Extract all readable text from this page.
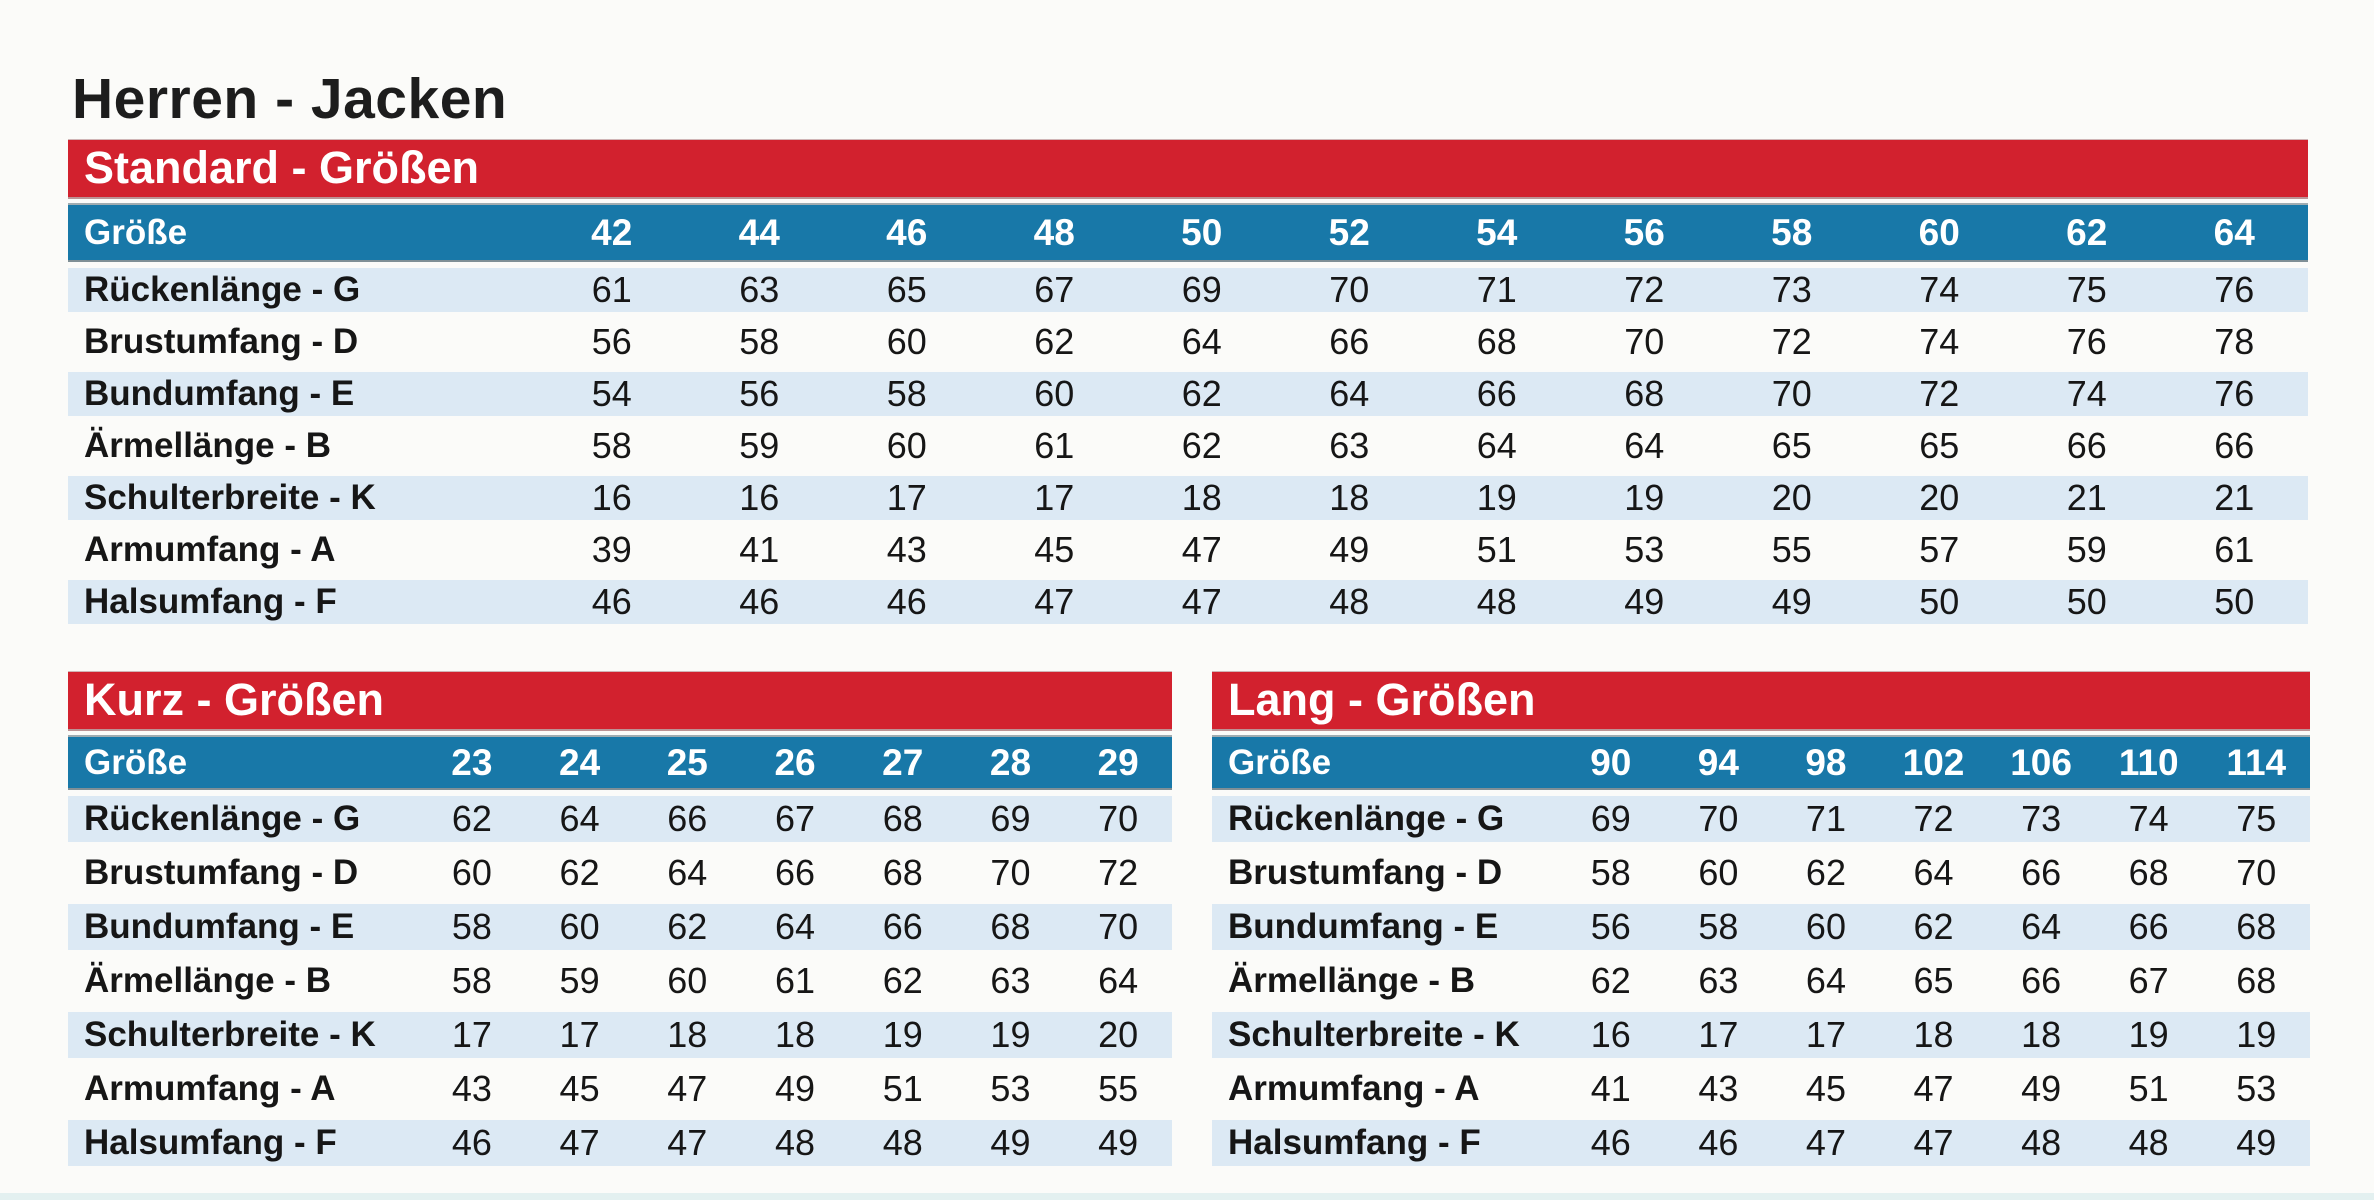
Herren - Jacken
Standard - Größen
Größe	42	44	46	48	50	52	54	56	58	60	62	64
Rückenlänge - G	61	63	65	67	69	70	71	72	73	74	75	76
Brustumfang - D	56	58	60	62	64	66	68	70	72	74	76	78
Bundumfang - E	54	56	58	60	62	64	66	68	70	72	74	76
Ärmellänge - B	58	59	60	61	62	63	64	64	65	65	66	66
Schulterbreite - K	16	16	17	17	18	18	19	19	20	20	21	21
Armumfang - A	39	41	43	45	47	49	51	53	55	57	59	61
Halsumfang - F	46	46	46	47	47	48	48	49	49	50	50	50
Kurz - Größen
Größe	23	24	25	26	27	28	29
Rückenlänge - G	62	64	66	67	68	69	70
Brustumfang - D	60	62	64	66	68	70	72
Bundumfang - E	58	60	62	64	66	68	70
Ärmellänge - B	58	59	60	61	62	63	64
Schulterbreite - K	17	17	18	18	19	19	20
Armumfang - A	43	45	47	49	51	53	55
Halsumfang - F	46	47	47	48	48	49	49
Lang - Größen
Größe	90	94	98	102	106	110	114
Rückenlänge - G	69	70	71	72	73	74	75
Brustumfang - D	58	60	62	64	66	68	70
Bundumfang - E	56	58	60	62	64	66	68
Ärmellänge - B	62	63	64	65	66	67	68
Schulterbreite - K	16	17	17	18	18	19	19
Armumfang - A	41	43	45	47	49	51	53
Halsumfang - F	46	46	47	47	48	48	49
